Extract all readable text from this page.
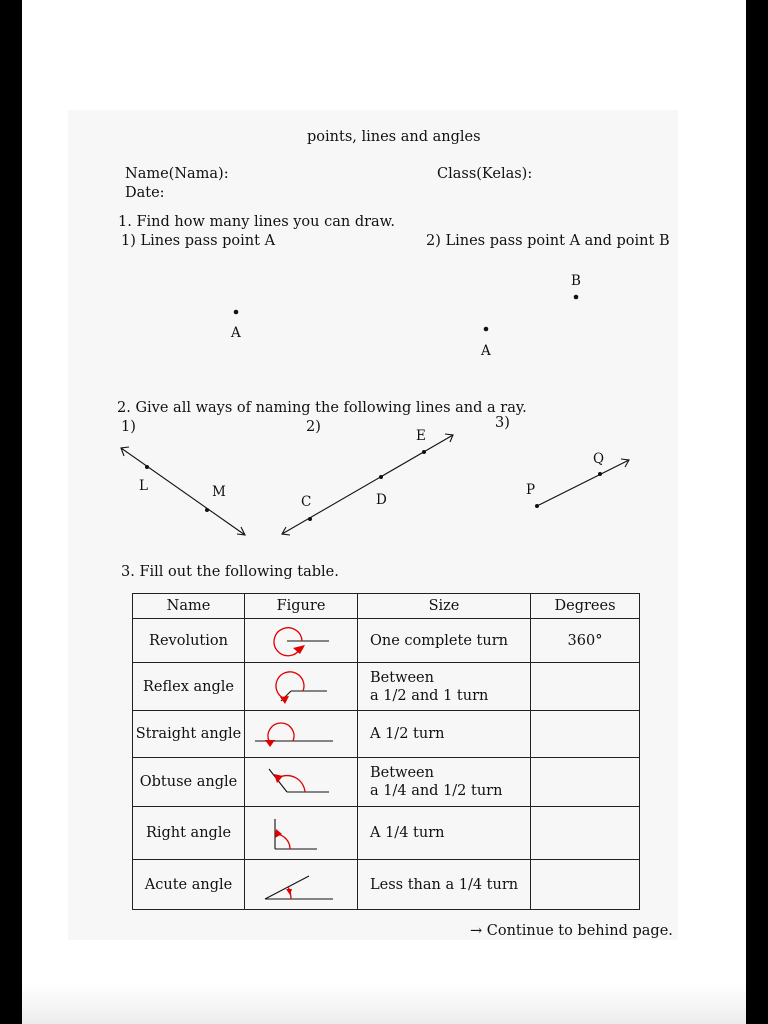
points, lines and angles
Name(Nama):	Class(Kelas):
Date:
1. Find how many lines you can draw.
1) Lines pass point A	2) Lines pass point A and point B
A
A
B
2. Give all ways of naming the following lines and a ray.
1)	2)	3)
L	M
C	D
E
P
Q
3. Fill out the following table.
Name	Figure	Size	Degrees
Revolution		One complete turn	360°
Reflex angle		Between
a 1/2 and 1 turn	

Straight angle		A 1/2 turn	
Obtuse angle		Between
a 1/4 and 1/2 turn	

Right angle		A 1/4 turn	
Acute angle		Less than a 1/4 turn	
→ Continue to behind page.
